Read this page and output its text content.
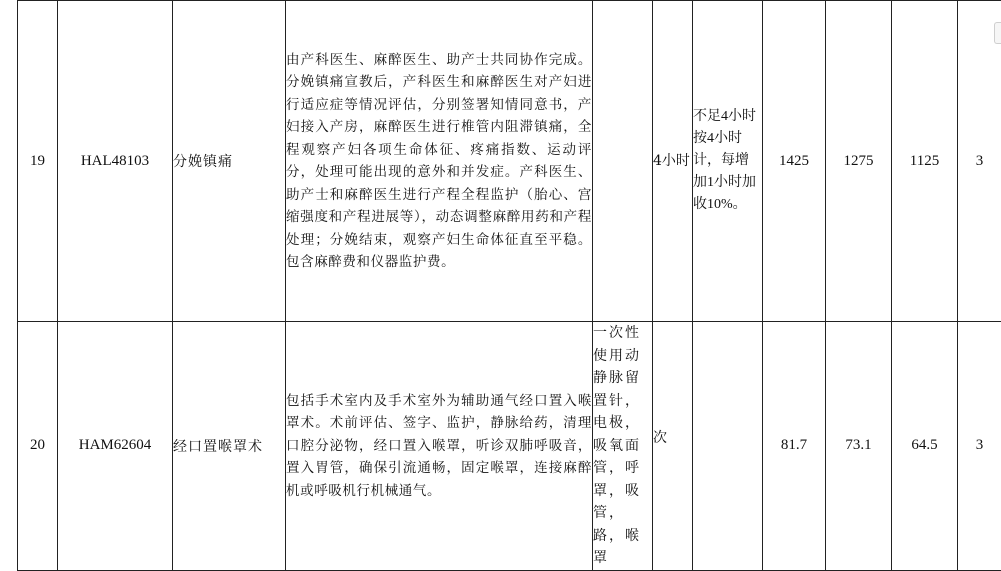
19	HAL48103	分娩镇痛	由产科医生、麻醉医生、助产士共同协作完成。分娩镇痛宣教后，产科医生和麻醉医生对产妇进行适应症等情况评估，分别签署知情同意书，产妇接入产房，麻醉医生进行椎管内阻滞镇痛，全程观察产妇各项生命体征、疼痛指数、运动评分，处理可能出现的意外和并发症。产科医生、助产士和麻醉医生进行产程全程监护（胎心、宫缩强度和产程进展等），动态调整麻醉用药和产程处理；分娩结束，观察产妇生命体征直至平稳。包含麻醉费和仪器监护费。		4小时	不足4小时按4小时计，每增加1小时加收10%。	1425	1275	1125	3
20	HAM62604	经口置喉罩术	包括手术室内及手术室外为辅助通气经口置入喉罩术。术前评估、签字、监护，静脉给药，清理口腔分泌物，经口置入喉罩，听诊双肺呼吸音，置入胃管，确保引流通畅，固定喉罩，连接麻醉机或呼吸机行机械通气。	一次性使用动静脉留置针，电极，吸氧面管，呼罩，吸管，路，喉罩	次		81.7	73.1	64.5	3
